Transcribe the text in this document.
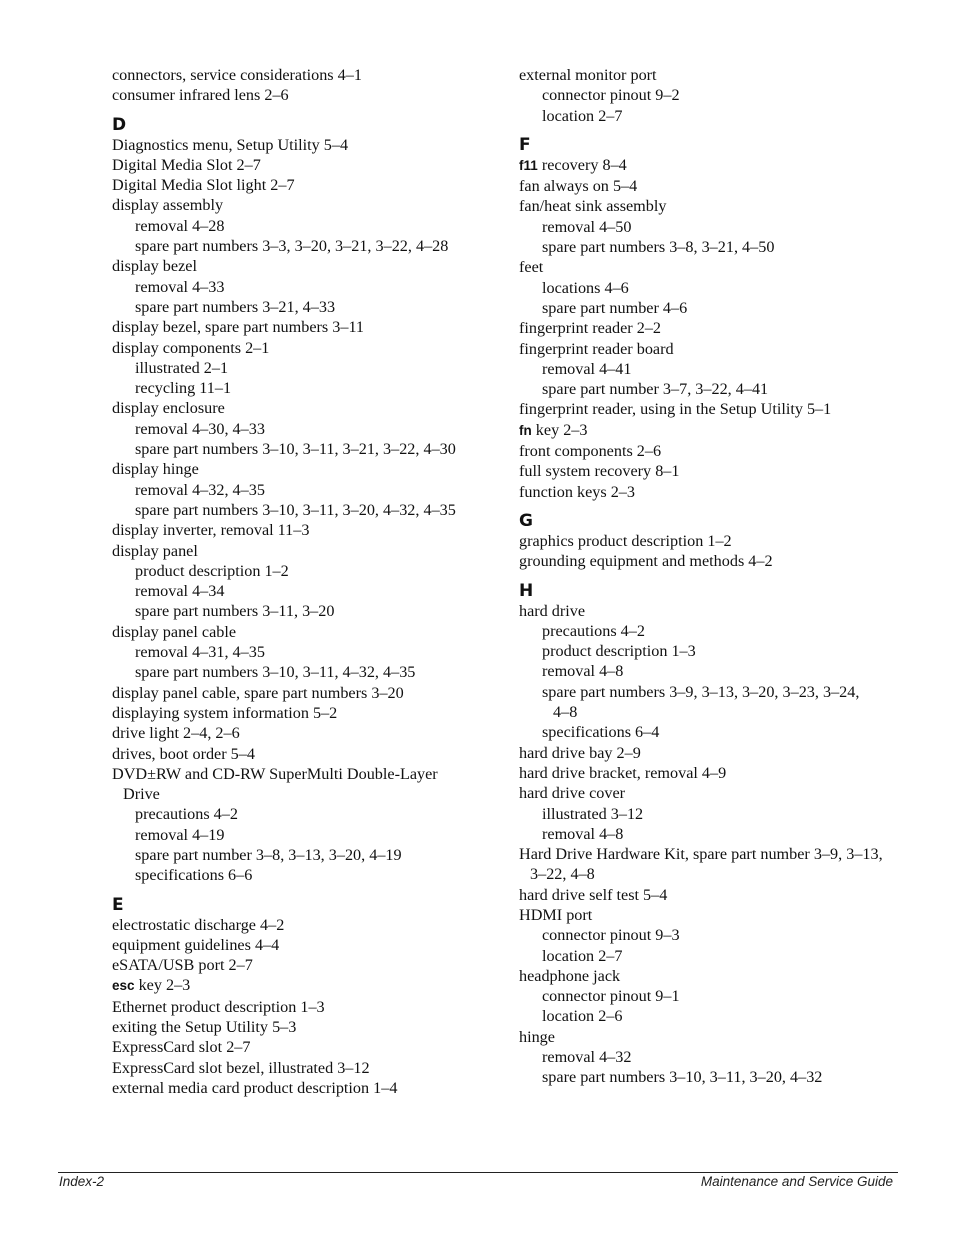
connectors, service considerations 4–1
consumer infrared lens 2–6
D
Diagnostics menu, Setup Utility 5–4
Digital Media Slot 2–7
Digital Media Slot light 2–7
display assembly
removal 4–28
spare part numbers 3–3, 3–20, 3–21, 3–22, 4–28
display bezel
removal 4–33
spare part numbers 3–21, 4–33
display bezel, spare part numbers 3–11
display components 2–1
illustrated 2–1
recycling 11–1
display enclosure
removal 4–30, 4–33
spare part numbers 3–10, 3–11, 3–21, 3–22, 4–30
display hinge
removal 4–32, 4–35
spare part numbers 3–10, 3–11, 3–20, 4–32, 4–35
display inverter, removal 11–3
display panel
product description 1–2
removal 4–34
spare part numbers 3–11, 3–20
display panel cable
removal 4–31, 4–35
spare part numbers 3–10, 3–11, 4–32, 4–35
display panel cable, spare part numbers 3–20
displaying system information 5–2
drive light 2–4, 2–6
drives, boot order 5–4
DVD±RW and CD-RW SuperMulti Double-Layer
Drive
precautions 4–2
removal 4–19
spare part number 3–8, 3–13, 3–20, 4–19
specifications 6–6
E
electrostatic discharge 4–2
equipment guidelines 4–4
eSATA/USB port 2–7
esc key 2–3
Ethernet product description 1–3
exiting the Setup Utility 5–3
ExpressCard slot 2–7
ExpressCard slot bezel, illustrated 3–12
external media card product description 1–4
external monitor port
connector pinout 9–2
location 2–7
F
f11 recovery 8–4
fan always on 5–4
fan/heat sink assembly
removal 4–50
spare part numbers 3–8, 3–21, 4–50
feet
locations 4–6
spare part number 4–6
fingerprint reader 2–2
fingerprint reader board
removal 4–41
spare part number 3–7, 3–22, 4–41
fingerprint reader, using in the Setup Utility 5–1
fn key 2–3
front components 2–6
full system recovery 8–1
function keys 2–3
G
graphics product description 1–2
grounding equipment and methods 4–2
H
hard drive
precautions 4–2
product description 1–3
removal 4–8
spare part numbers 3–9, 3–13, 3–20, 3–23, 3–24,
4–8
specifications 6–4
hard drive bay 2–9
hard drive bracket, removal 4–9
hard drive cover
illustrated 3–12
removal 4–8
Hard Drive Hardware Kit, spare part number 3–9, 3–13,
3–22, 4–8
hard drive self test 5–4
HDMI port
connector pinout 9–3
location 2–7
headphone jack
connector pinout 9–1
location 2–6
hinge
removal 4–32
spare part numbers 3–10, 3–11, 3–20, 4–32
Index-2	Maintenance and Service Guide
